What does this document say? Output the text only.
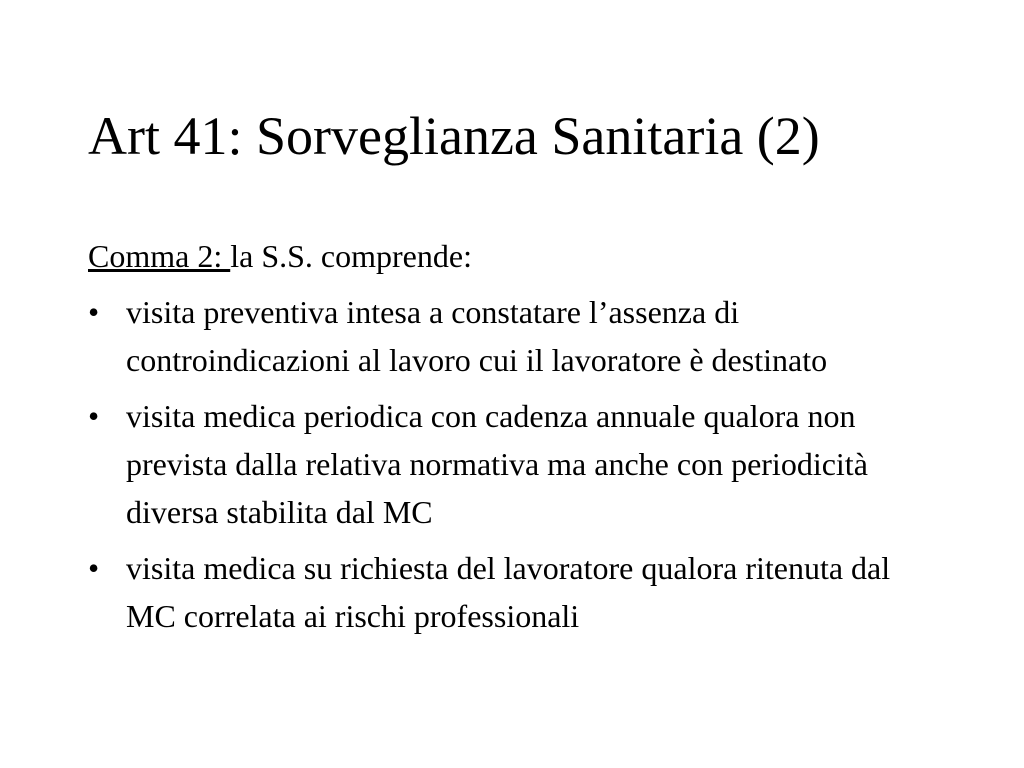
Art 41: Sorveglianza Sanitaria (2)

Comma 2: la S.S. comprende:

• visita preventiva intesa a constatare l’assenza di controindicazioni al lavoro cui il lavoratore è destinato
• visita medica periodica con cadenza annuale qualora non prevista dalla relativa normativa ma anche con periodicità diversa stabilita dal MC
• visita medica su richiesta del lavoratore qualora ritenuta dal MC correlata ai rischi professionali
